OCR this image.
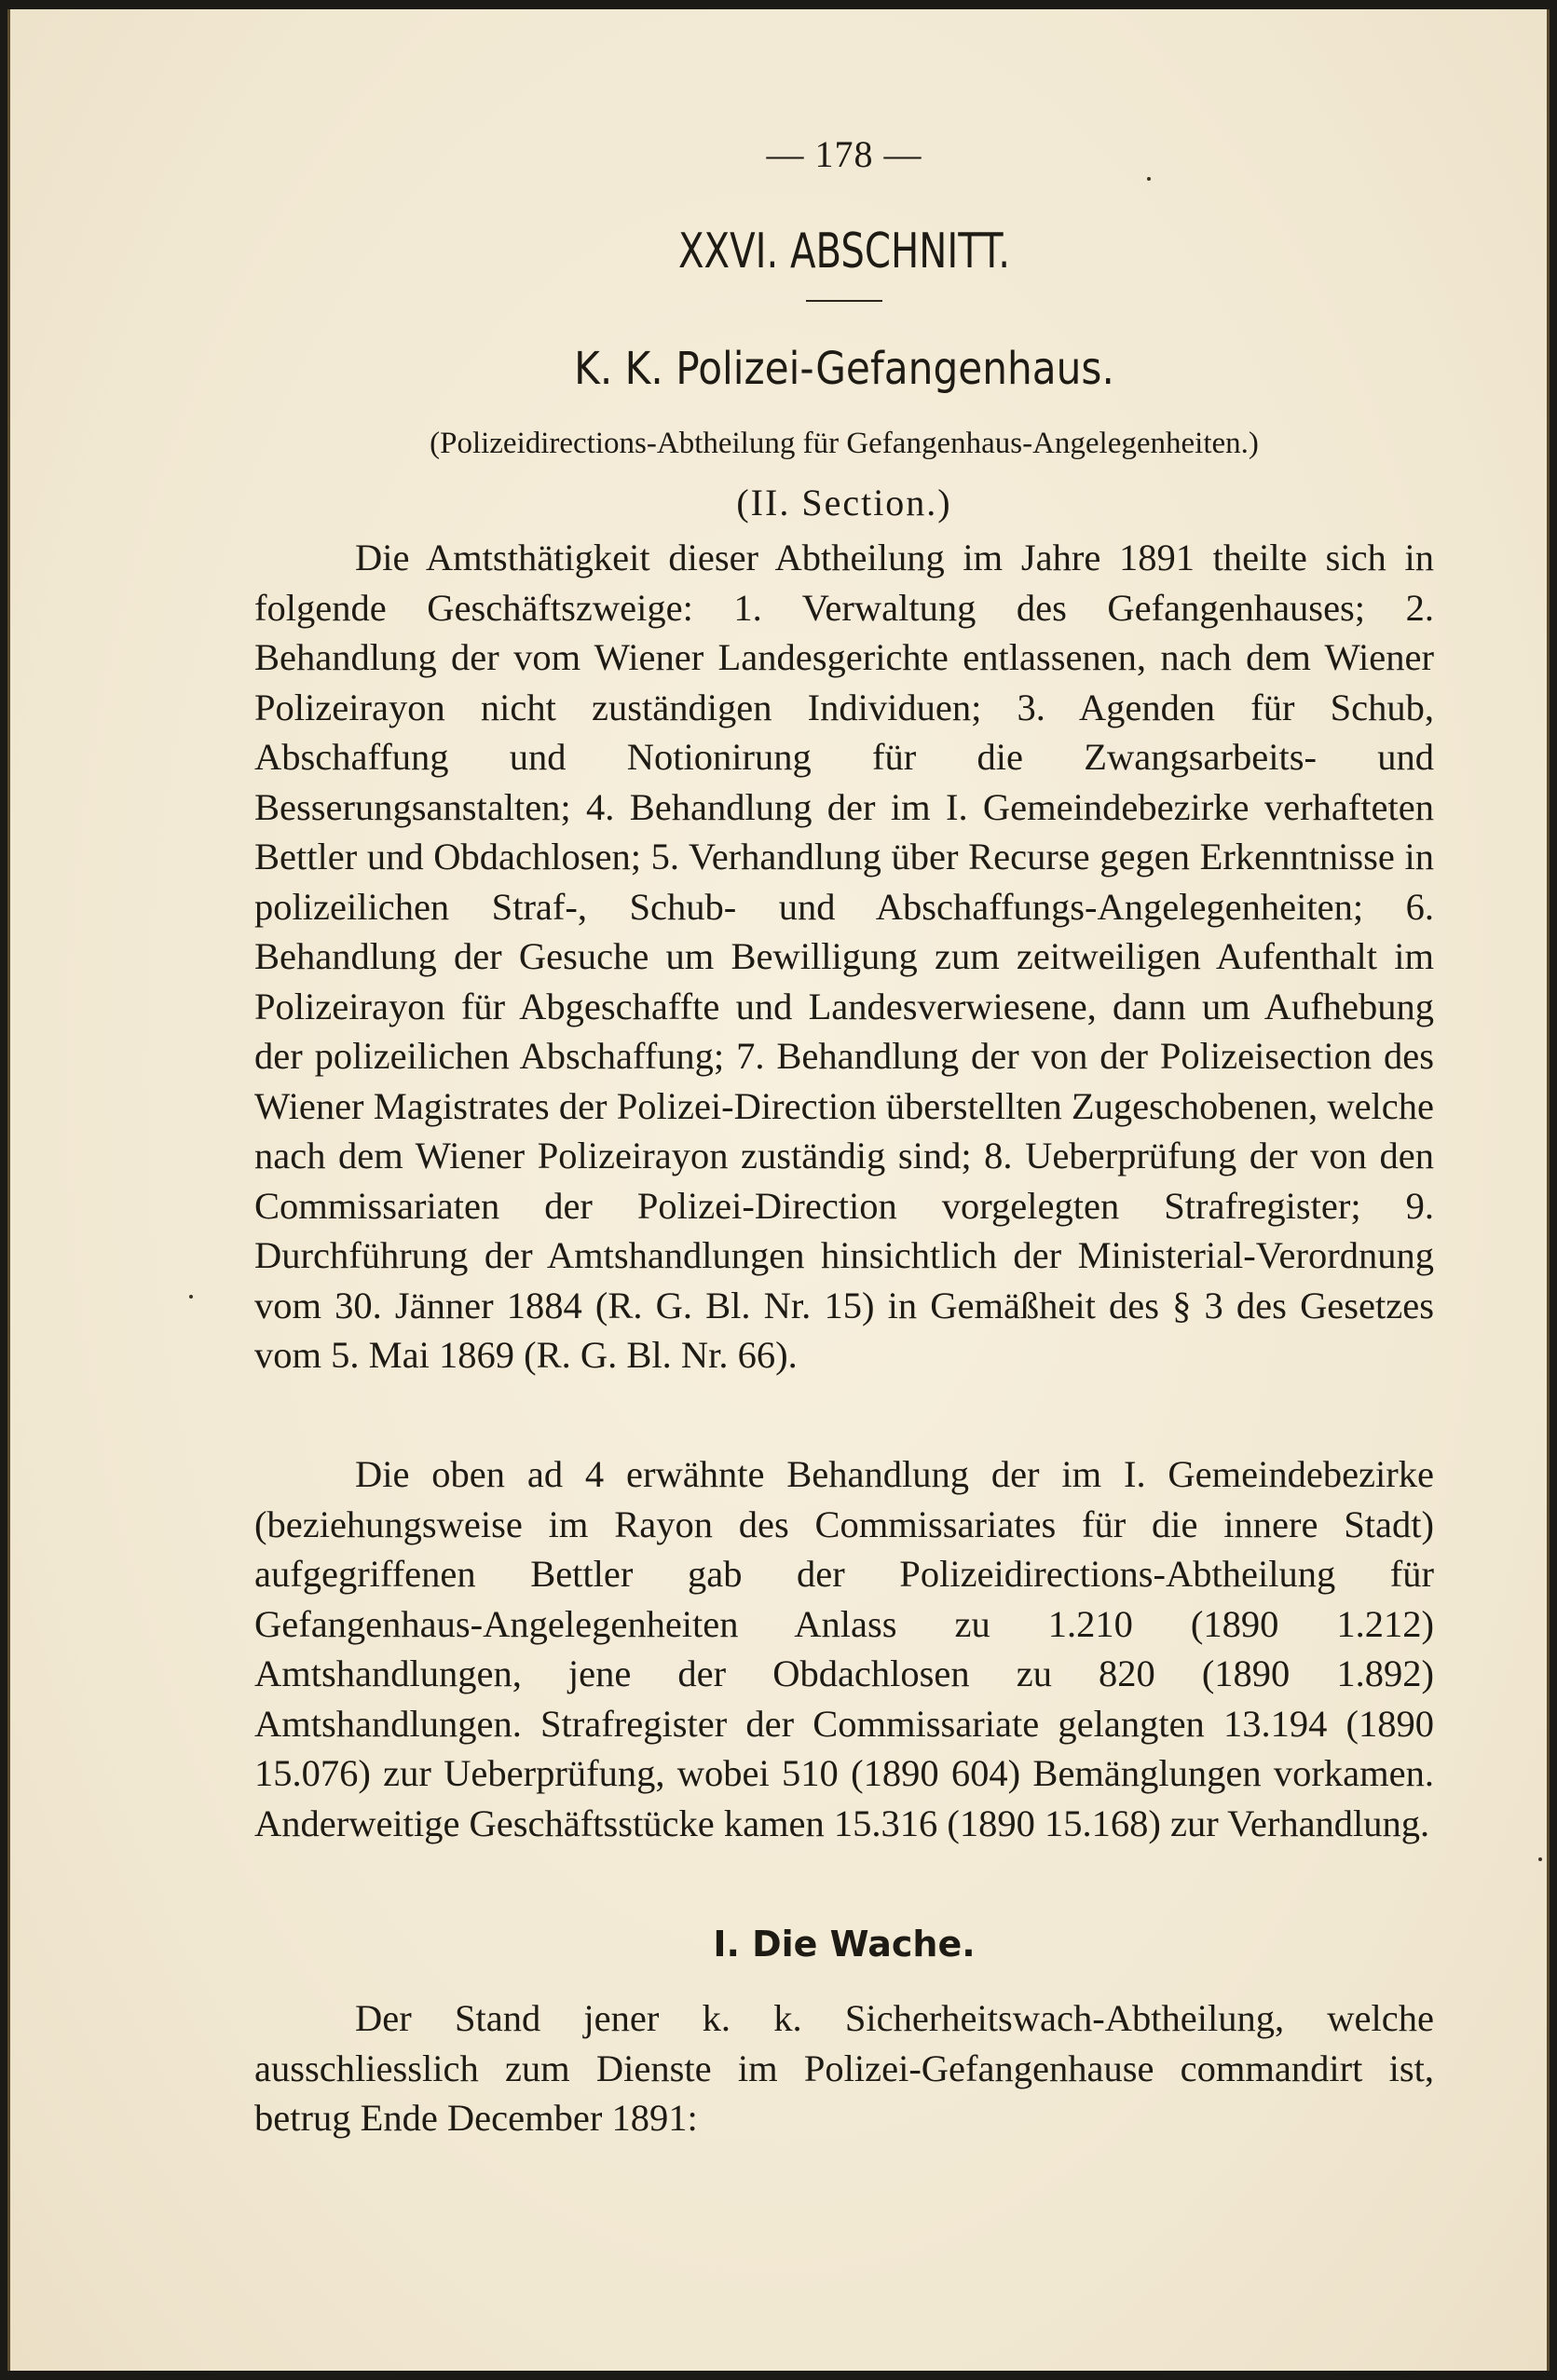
— 178 —
XXVI. ABSCHNITT.
K. K. Polizei-Gefangenhaus.
(Polizeidirections-Abtheilung für Gefangenhaus-Angelegenheiten.)
(II. Section.)

Die Amtsthätigkeit dieser Abtheilung im Jahre 1891 theilte sich in folgende Geschäftszweige: 1. Verwaltung des Gefangenhauses; 2. Behandlung der vom Wiener Landesgerichte entlassenen, nach dem Wiener Polizeirayon nicht zuständigen Individuen; 3. Agenden für Schub, Abschaffung und Notionirung für die Zwangsarbeits- und Besserungsanstalten; 4. Behandlung der im I. Gemeindebezirke verhafteten Bettler und Obdachlosen; 5. Verhandlung über Recurse gegen Erkenntnisse in polizeilichen Straf-, Schub- und Abschaffungs-Angelegenheiten; 6. Behandlung der Gesuche um Bewilligung zum zeitweiligen Aufenthalt im Polizeirayon für Abgeschaffte und Landesverwiesene, dann um Aufhebung der polizeilichen Abschaffung; 7. Behandlung der von der Polizeisection des Wiener Magistrates der Polizei-Direction überstellten Zugeschobenen, welche nach dem Wiener Polizeirayon zuständig sind; 8. Ueberprüfung der von den Commissariaten der Polizei-Direction vorgelegten Strafregister; 9. Durchführung der Amtshandlungen hinsichtlich der Ministerial-Verordnung vom 30. Jänner 1884 (R. G. Bl. Nr. 15) in Gemäßheit des § 3 des Gesetzes vom 5. Mai 1869 (R. G. Bl. Nr. 66).

Die oben ad 4 erwähnte Behandlung der im I. Gemeindebezirke (beziehungsweise im Rayon des Commissariates für die innere Stadt) aufgegriffenen Bettler gab der Polizeidirections-Abtheilung für Gefangenhaus-Angelegenheiten Anlass zu 1.210 (1890 1.212) Amtshandlungen, jene der Obdachlosen zu 820 (1890 1.892) Amtshandlungen. Strafregister der Commissariate gelangten 13.194 (1890 15.076) zur Ueberprüfung, wobei 510 (1890 604) Bemänglungen vorkamen. Anderweitige Geschäftsstücke kamen 15.316 (1890 15.168) zur Verhandlung.

I. Die Wache.

Der Stand jener k. k. Sicherheitswach-Abtheilung, welche ausschliesslich zum Dienste im Polizei-Gefangenhause commandirt ist, betrug Ende December 1891:
